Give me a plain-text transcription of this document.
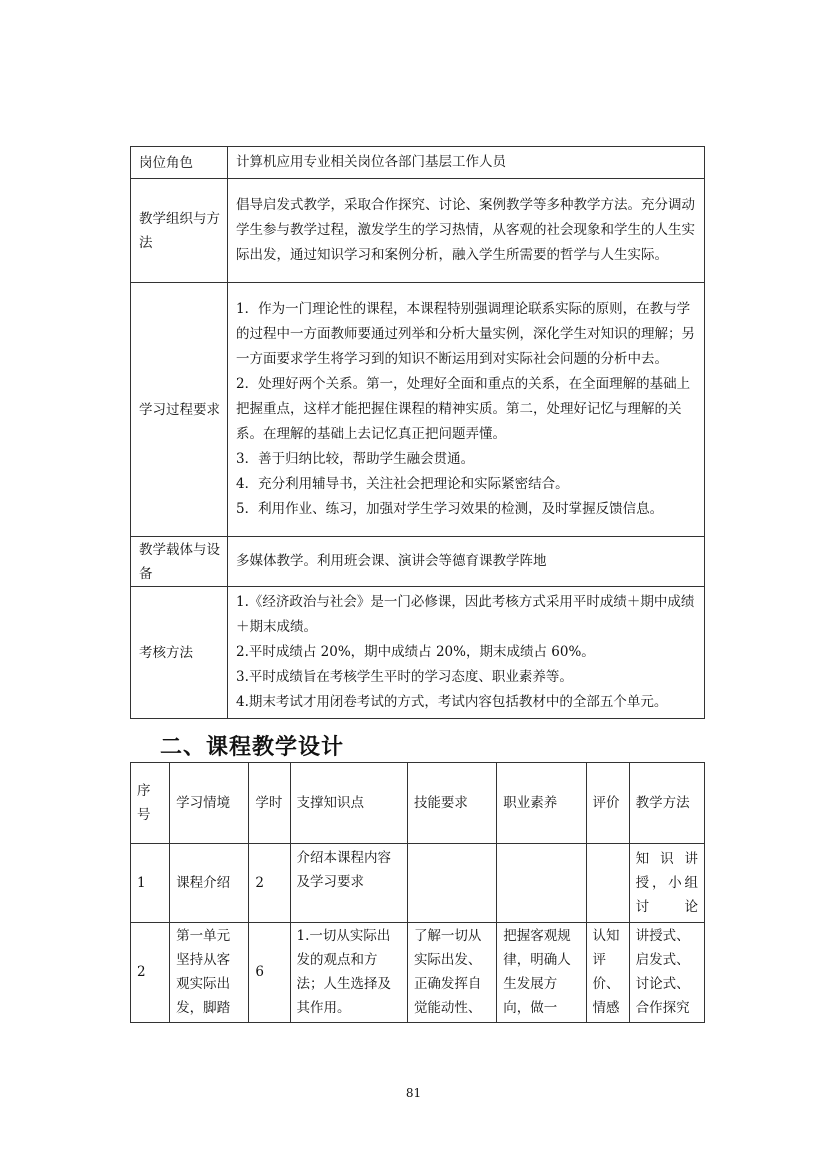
岗位角色	计算机应用专业相关岗位各部门基层工作人员

教学组织与方法	倡导启发式教学，采取合作探究、讨论、案例教学等多种教学方法。充分调动学生参与教学过程，激发学生的学习热情，从客观的社会现象和学生的人生实际出发，通过知识学习和案例分析，融入学生所需要的哲学与人生实际。

学习过程要求	1．作为一门理论性的课程，本课程特别强调理论联系实际的原则，在教与学的过程中一方面教师要通过列举和分析大量实例，深化学生对知识的理解；另一方面要求学生将学习到的知识不断运用到对实际社会问题的分析中去。

2．处理好两个关系。第一，处理好全面和重点的关系，在全面理解的基础上把握重点，这样才能把握住课程的精神实质。第二，处理好记忆与理解的关系。在理解的基础上去记忆真正把问题弄懂。

3．善于归纳比较，帮助学生融会贯通。

4．充分利用辅导书，关注社会把理论和实际紧密结合。

5．利用作业、练习，加强对学生学习效果的检测，及时掌握反馈信息。

教学载体与设备	多媒体教学。利用班会课、演讲会等德育课教学阵地

考核方法	1.《经济政治与社会》是一门必修课，因此考核方式采用平时成绩＋期中成绩＋期末成绩。

2.平时成绩占 20%，期中成绩占 20%，期末成绩占 60%。

3.平时成绩旨在考核学生平时的学习态度、职业素养等。

4.期末考试才用闭卷考试的方式，考试内容包括教材中的全部五个单元。

二、课程教学设计
序号	学习情境	学时	支撑知识点	技能要求	职业素养	评价	教学方法
1	课程介绍	2	介绍本课程内容及学习要求				知识讲授，小组讨论
2	第一单元坚持从客观实际出发，脚踏	6	1.一切从实际出发的观点和方法；人生选择及其作用。	了解一切从实际出发、正确发挥自觉能动性、	把握客观规律，明确人生发展方向，做一	认知评价、情感	讲授式、启发式、讨论式、合作探究
81
